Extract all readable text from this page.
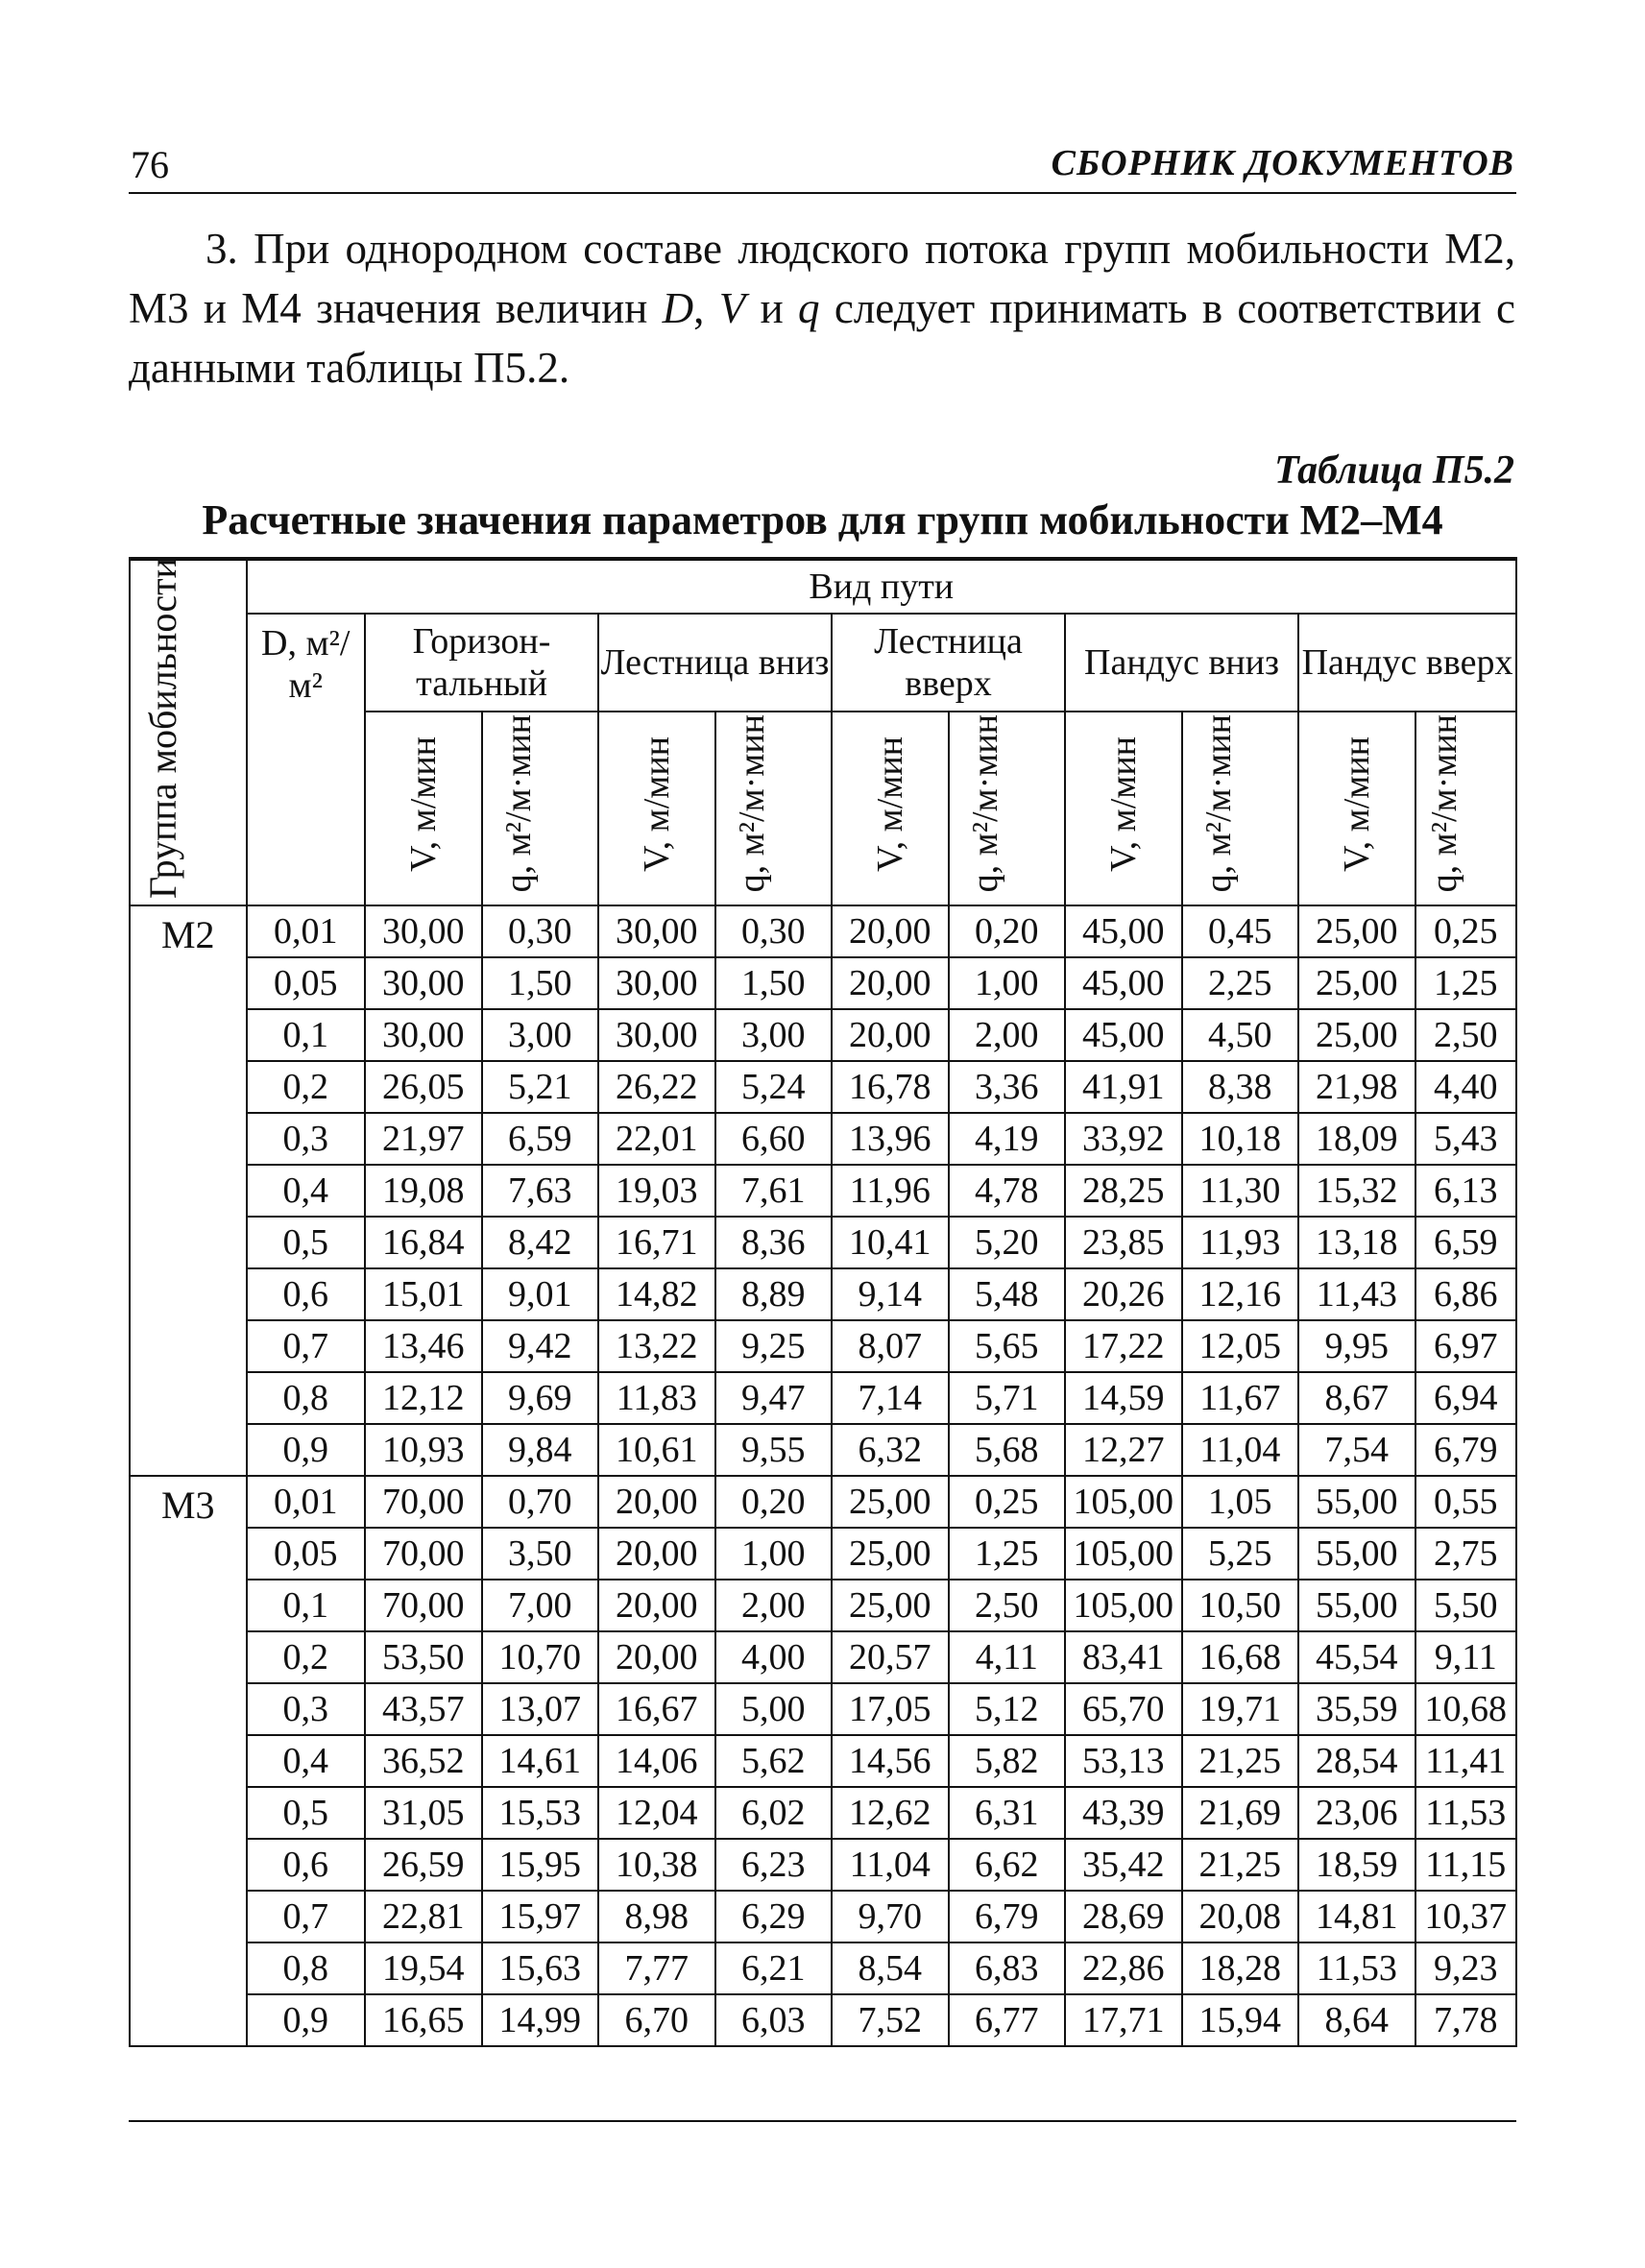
76	СБОРНИК ДОКУМЕНТОВ
3. При однородном составе людского потока групп мобильности М2, М3 и М4 значения величин D, V и q следует принимать в соответствии с данными таблицы П5.2.
Таблица П5.2
Расчетные значения параметров для групп мобильности М2–М4
Группа мобильности	Вид пути										
	D, м²/м²	Горизон-тальный		Лестница вниз		Лестница вверх		Пандус вниз		Пандус вверх	
		V, м/мин	q, м²/м·мин	V, м/мин	q, м²/м·мин	V, м/мин	q, м²/м·мин	V, м/мин	q, м²/м·мин	V, м/мин	q, м²/м·мин
М2	0,01	30,00	0,30	30,00	0,30	20,00	0,20	45,00	0,45	25,00	0,25
	0,05	30,00	1,50	30,00	1,50	20,00	1,00	45,00	2,25	25,00	1,25
	0,1	30,00	3,00	30,00	3,00	20,00	2,00	45,00	4,50	25,00	2,50
	0,2	26,05	5,21	26,22	5,24	16,78	3,36	41,91	8,38	21,98	4,40
	0,3	21,97	6,59	22,01	6,60	13,96	4,19	33,92	10,18	18,09	5,43
	0,4	19,08	7,63	19,03	7,61	11,96	4,78	28,25	11,30	15,32	6,13
	0,5	16,84	8,42	16,71	8,36	10,41	5,20	23,85	11,93	13,18	6,59
	0,6	15,01	9,01	14,82	8,89	9,14	5,48	20,26	12,16	11,43	6,86
	0,7	13,46	9,42	13,22	9,25	8,07	5,65	17,22	12,05	9,95	6,97
	0,8	12,12	9,69	11,83	9,47	7,14	5,71	14,59	11,67	8,67	6,94
	0,9	10,93	9,84	10,61	9,55	6,32	5,68	12,27	11,04	7,54	6,79
М3	0,01	70,00	0,70	20,00	0,20	25,00	0,25	105,00	1,05	55,00	0,55
	0,05	70,00	3,50	20,00	1,00	25,00	1,25	105,00	5,25	55,00	2,75
	0,1	70,00	7,00	20,00	2,00	25,00	2,50	105,00	10,50	55,00	5,50
	0,2	53,50	10,70	20,00	4,00	20,57	4,11	83,41	16,68	45,54	9,11
	0,3	43,57	13,07	16,67	5,00	17,05	5,12	65,70	19,71	35,59	10,68
	0,4	36,52	14,61	14,06	5,62	14,56	5,82	53,13	21,25	28,54	11,41
	0,5	31,05	15,53	12,04	6,02	12,62	6,31	43,39	21,69	23,06	11,53
	0,6	26,59	15,95	10,38	6,23	11,04	6,62	35,42	21,25	18,59	11,15
	0,7	22,81	15,97	8,98	6,29	9,70	6,79	28,69	20,08	14,81	10,37
	0,8	19,54	15,63	7,77	6,21	8,54	6,83	22,86	18,28	11,53	9,23
	0,9	16,65	14,99	6,70	6,03	7,52	6,77	17,71	15,94	8,64	7,78
